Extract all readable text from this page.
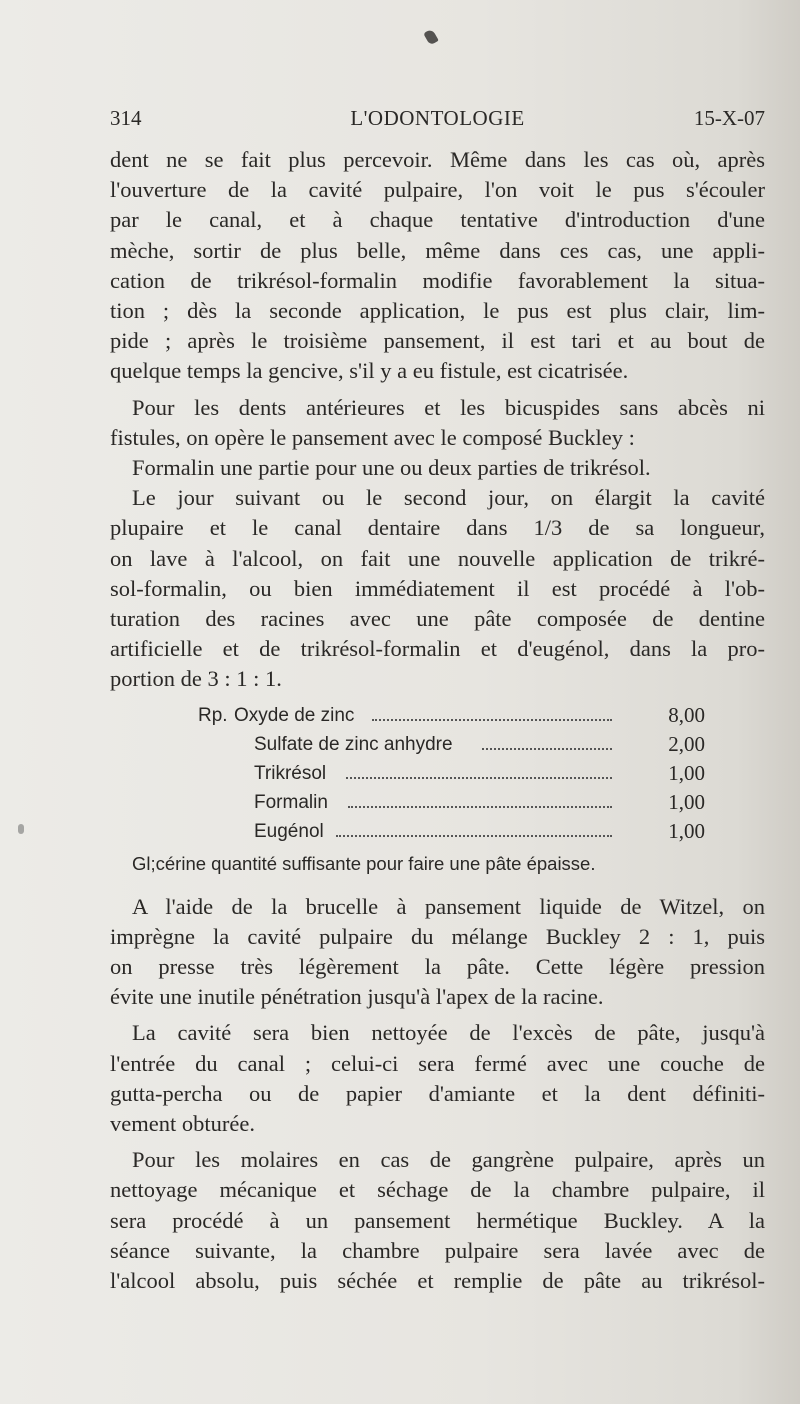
314	L'ODONTOLOGIE	15-X-07

dent ne se fait plus percevoir. Même dans les cas où, après

l'ouverture de la cavité pulpaire, l'on voit le pus s'écouler

par le canal, et à chaque tentative d'introduction d'une

mèche, sortir de plus belle, même dans ces cas, une appli-

cation de trikrésol-formalin modifie favorablement la situa-

tion ; dès la seconde application, le pus est plus clair, lim-

pide ; après le troisième pansement, il est tari et au bout de

quelque temps la gencive, s'il y a eu fistule, est cicatrisée.

Pour les dents antérieures et les bicuspides sans abcès ni

fistules, on opère le pansement avec le composé Buckley :

Formalin une partie pour une ou deux parties de trikrésol.

Le jour suivant ou le second jour, on élargit la cavité

plupaire et le canal dentaire dans 1/3 de sa longueur,

on lave à l'alcool, on fait une nouvelle application de trikré-

sol-formalin, ou bien immédiatement il est procédé à l'ob-

turation des racines avec une pâte composée de dentine

artificielle et de trikrésol-formalin et d'eugénol, dans la pro-

portion de 3 : 1 : 1.

Rp. Oxyde de zinc	8,00
Sulfate de zinc anhydre	2,00
Trikrésol	1,00
Formalin	1,00
Eugénol	1,00
Gl;cérine quantité suffisante pour faire une pâte épaisse.

A l'aide de la brucelle à pansement liquide de Witzel, on

imprègne la cavité pulpaire du mélange Buckley 2 : 1, puis

on presse très légèrement la pâte. Cette légère pression

évite une inutile pénétration jusqu'à l'apex de la racine.

La cavité sera bien nettoyée de l'excès de pâte, jusqu'à

l'entrée du canal ; celui-ci sera fermé avec une couche de

gutta-percha ou de papier d'amiante et la dent définiti-

vement obturée.

Pour les molaires en cas de gangrène pulpaire, après un

nettoyage mécanique et séchage de la chambre pulpaire, il

sera procédé à un pansement hermétique Buckley. A la

séance suivante, la chambre pulpaire sera lavée avec de

l'alcool absolu, puis séchée et remplie de pâte au trikrésol-
